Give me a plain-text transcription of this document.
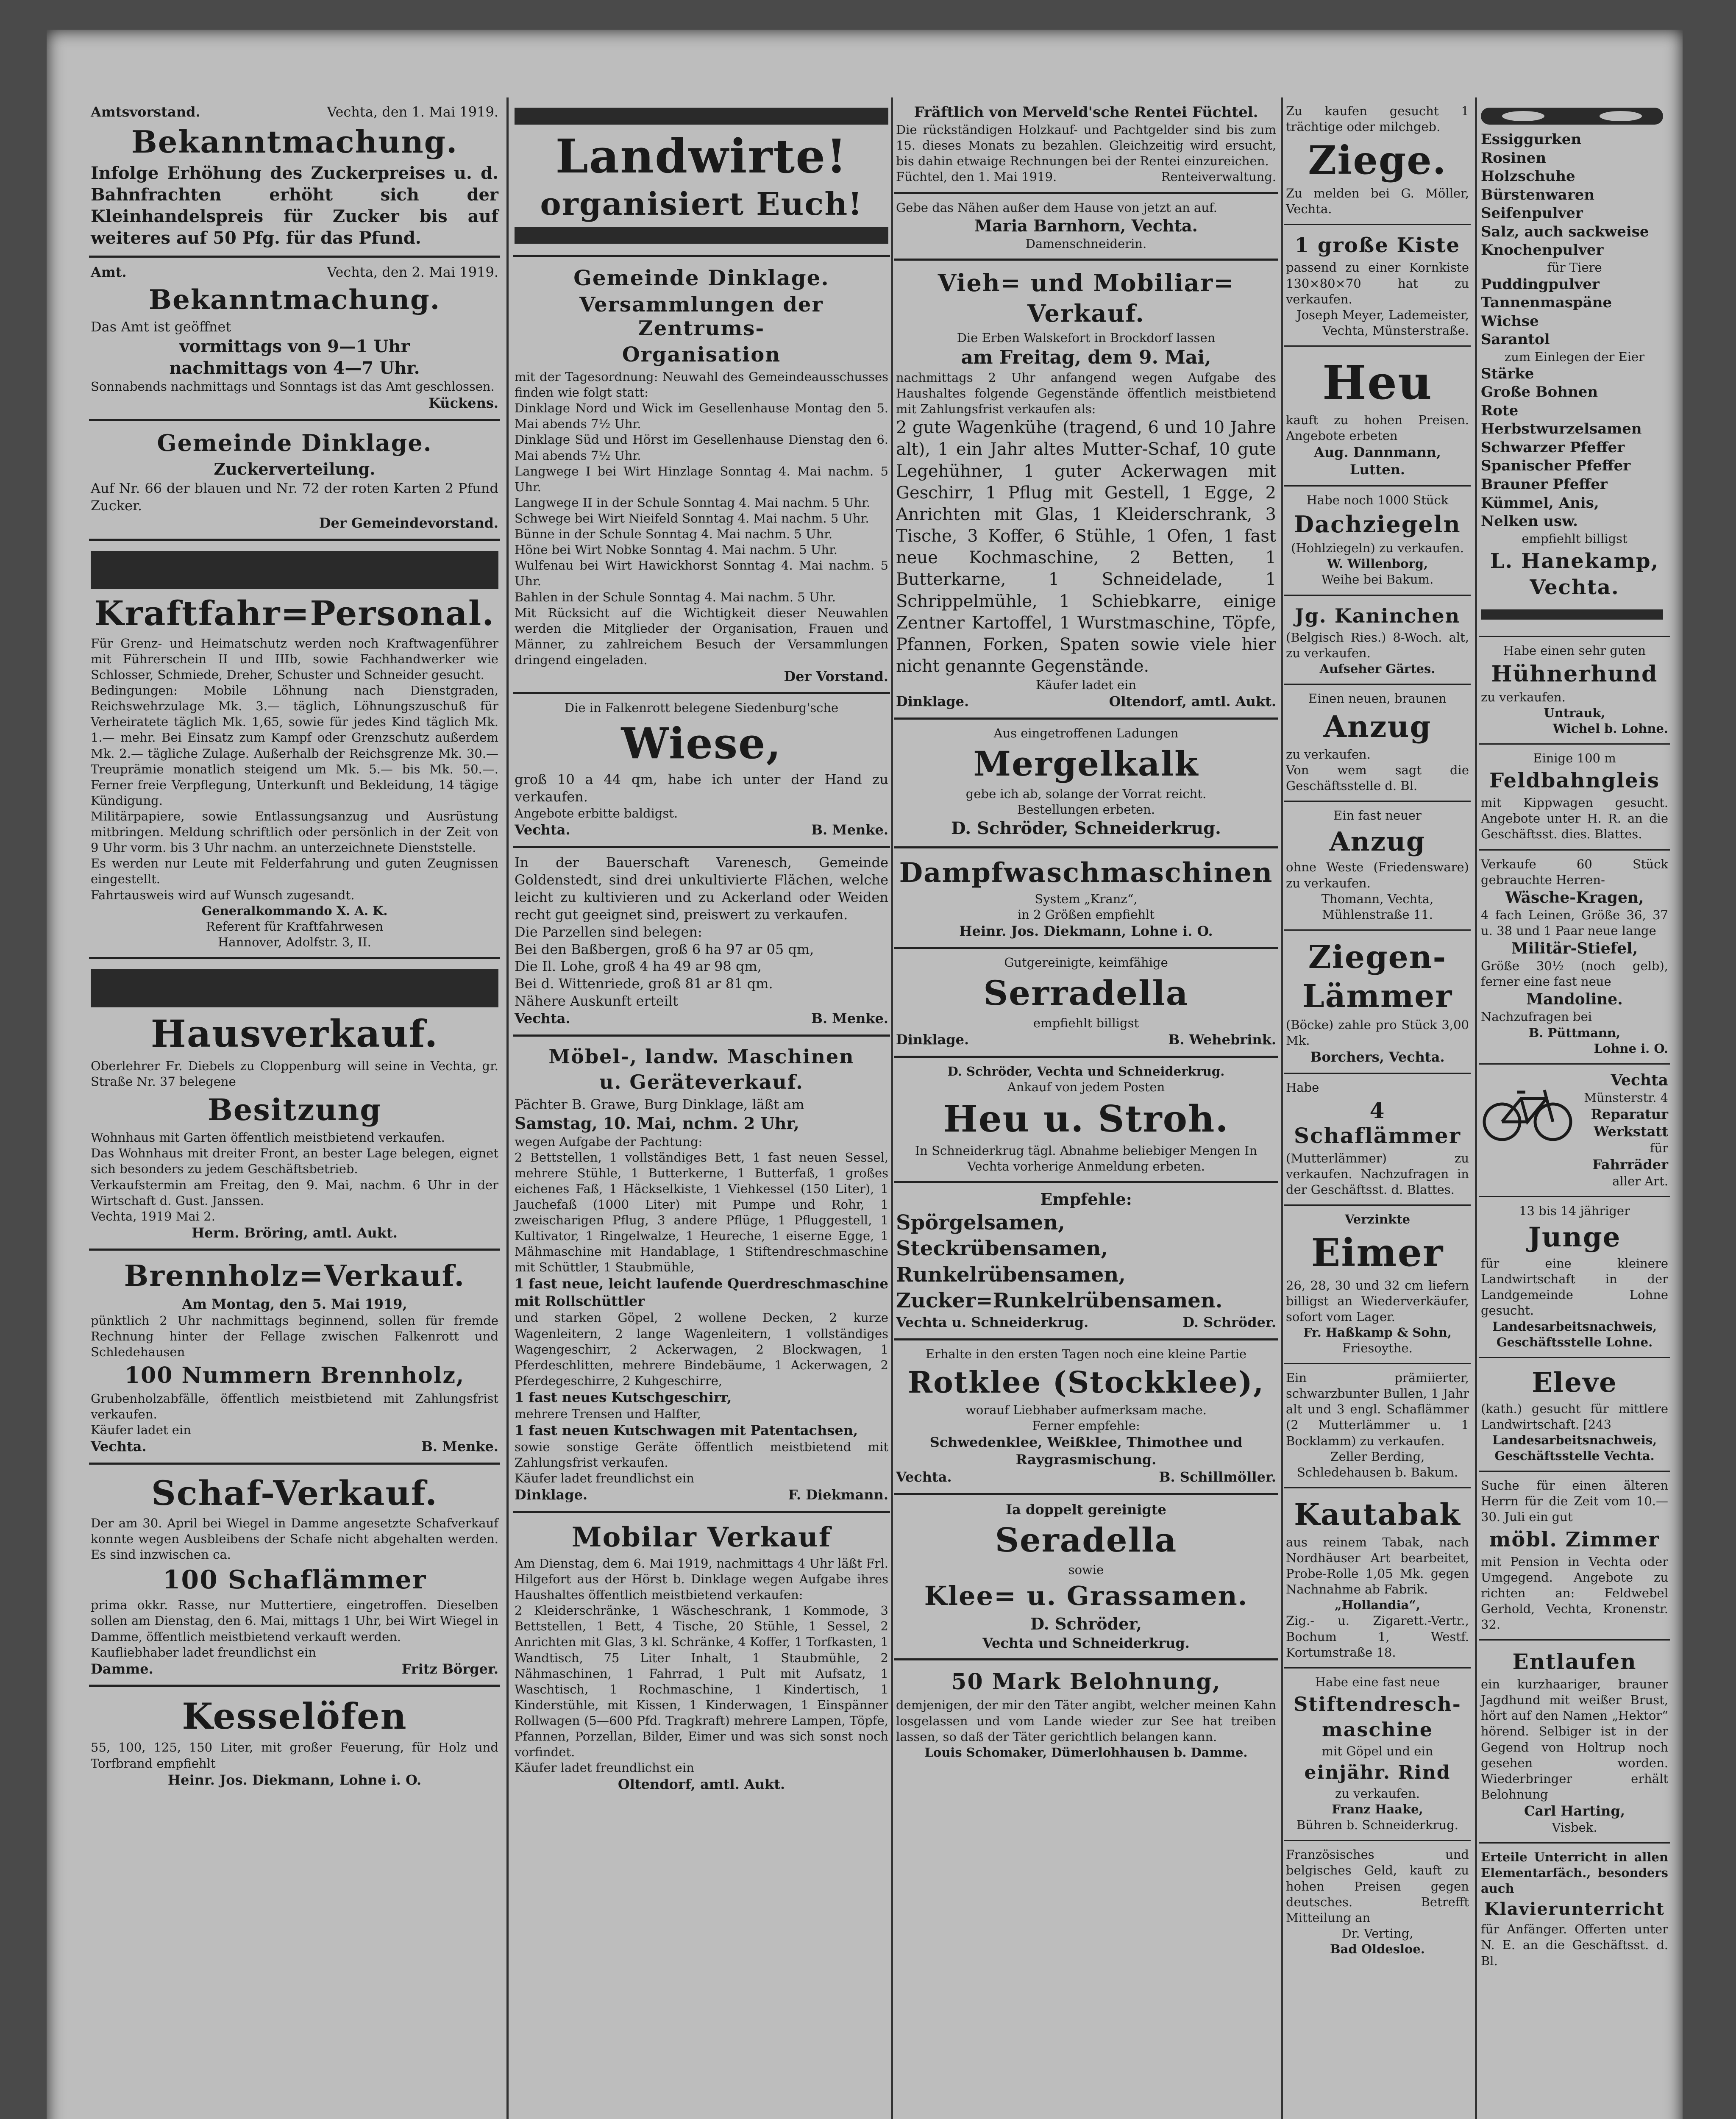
Amtsvorstand.	Vechta, den 1. Mai 1919.
Bekanntmachung.

Infolge Erhöhung des Zuckerpreises u. d. Bahnfrachten erhöht sich der Kleinhandelspreis für Zucker bis auf weiteres auf 50 Pfg. für das Pfund.

Amt.	Vechta, den 2. Mai 1919.
Bekanntmachung.

Das Amt ist geöffnet

vormittags von 9—1 Uhr

nachmittags von 4—7 Uhr.

Sonnabends nachmittags und Sonntags ist das Amt geschlossen.

Kückens.

Gemeinde Dinklage.

Zuckerverteilung.

Auf Nr. 66 der blauen und Nr. 72 der roten Karten 2 Pfund Zucker.

Der Gemeindevorstand.

Kraftfahr=Personal.

Für Grenz- und Heimatschutz werden noch Kraftwagenführer mit Führerschein II und IIIb, sowie Fachhandwerker wie Schlosser, Schmiede, Dreher, Schuster und Schneider gesucht.

Bedingungen: Mobile Löhnung nach Dienstgraden, Reichswehrzulage Mk. 3.— täglich, Löhnungszuschuß für Verheiratete täglich Mk. 1,65, sowie für jedes Kind täglich Mk. 1.— mehr. Bei Einsatz zum Kampf oder Grenzschutz außerdem Mk. 2.— tägliche Zulage. Außerhalb der Reichsgrenze Mk. 30.— Treuprämie monatlich steigend um Mk. 5.— bis Mk. 50.—. Ferner freie Verpflegung, Unterkunft und Bekleidung, 14 tägige Kündigung.

Militärpapiere, sowie Entlassungsanzug und Ausrüstung mitbringen. Meldung schriftlich oder persönlich in der Zeit von 9 Uhr vorm. bis 3 Uhr nachm. an unterzeichnete Dienststelle.

Es werden nur Leute mit Felderfahrung und guten Zeugnissen eingestellt.

Fahrtausweis wird auf Wunsch zugesandt.

Generalkommando X. A. K.

Referent für Kraftfahrwesen

Hannover, Adolfstr. 3, II.

Hausverkauf.

Oberlehrer Fr. Diebels zu Cloppenburg will seine in Vechta, gr. Straße Nr. 37 belegene

Besitzung

Wohnhaus mit Garten öffentlich meistbietend verkaufen.

Das Wohnhaus mit dreiter Front, an bester Lage belegen, eignet sich besonders zu jedem Geschäftsbetrieb.

Verkaufstermin am Freitag, den 9. Mai, nachm. 6 Uhr in der Wirtschaft d. Gust. Janssen.

Vechta, 1919 Mai 2.

Herm. Bröring, amtl. Aukt.

Brennholz=Verkauf.

Am Montag, den 5. Mai 1919,

pünktlich 2 Uhr nachmittags beginnend, sollen für fremde Rechnung hinter der Fellage zwischen Falkenrott und Schledehausen

100 Nummern Brennholz,

Grubenholzabfälle, öffentlich meistbietend mit Zahlungsfrist verkaufen.

Käufer ladet ein

Vechta.	B. Menke.
Schaf-Verkauf.

Der am 30. April bei Wiegel in Damme angesetzte Schafverkauf konnte wegen Ausbleibens der Schafe nicht abgehalten werden. Es sind inzwischen ca.

100 Schaflämmer

prima okkr. Rasse, nur Muttertiere, eingetroffen. Dieselben sollen am Dienstag, den 6. Mai, mittags 1 Uhr, bei Wirt Wiegel in Damme, öffentlich meistbietend verkauft werden.

Kaufliebhaber ladet freundlichst ein

Damme.	Fritz Börger.
Kesselöfen

55, 100, 125, 150 Liter, mit großer Feuerung, für Holz und Torfbrand empfiehlt

Heinr. Jos. Diekmann, Lohne i. O.

Landwirte!
organisiert Euch!
Gemeinde Dinklage.
Versammlungen der Zentrums-
Organisation

mit der Tagesordnung: Neuwahl des Gemeindeausschusses finden wie folgt statt:

Dinklage Nord und Wick im Gesellenhause Montag den 5. Mai abends 7½ Uhr.

Dinklage Süd und Hörst im Gesellenhause Dienstag den 6. Mai abends 7½ Uhr.

Langwege I bei Wirt Hinzlage Sonntag 4. Mai nachm. 5 Uhr.

Langwege II in der Schule Sonntag 4. Mai nachm. 5 Uhr.

Schwege bei Wirt Nieifeld Sonntag 4. Mai nachm. 5 Uhr.

Bünne in der Schule Sonntag 4. Mai nachm. 5 Uhr.

Höne bei Wirt Nobke Sonntag 4. Mai nachm. 5 Uhr.

Wulfenau bei Wirt Hawickhorst Sonntag 4. Mai nachm. 5 Uhr.

Bahlen in der Schule Sonntag 4. Mai nachm. 5 Uhr.

Mit Rücksicht auf die Wichtigkeit dieser Neuwahlen werden die Mitglieder der Organisation, Frauen und Männer, zu zahlreichem Besuch der Versammlungen dringend eingeladen.

Der Vorstand.

Die in Falkenrott belegene Siedenburg'sche

Wiese,

groß 10 a 44 qm, habe ich unter der Hand zu verkaufen.

Angebote erbitte baldigst.

Vechta.	B. Menke.

In der Bauerschaft Varenesch, Gemeinde Goldenstedt, sind drei unkultivierte Flächen, welche leicht zu kultivieren und zu Ackerland oder Weiden recht gut geeignet sind, preiswert zu verkaufen.

Die Parzellen sind belegen:

Bei den Baßbergen, groß 6 ha 97 ar 05 qm,

Die Il. Lohe, groß 4 ha 49 ar 98 qm,

Bei d. Wittenriede, groß 81 ar 81 qm.

Nähere Auskunft erteilt

Vechta.	B. Menke.
Möbel-, landw. Maschinen
u. Geräteverkauf.

Pächter B. Grawe, Burg Dinklage, läßt am

Samstag, 10. Mai, nchm. 2 Uhr,

wegen Aufgabe der Pachtung:

2 Bettstellen, 1 vollständiges Bett, 1 fast neuen Sessel, mehrere Stühle, 1 Butterkerne, 1 Butterfaß, 1 großes eichenes Faß, 1 Häckselkiste, 1 Viehkessel (150 Liter), 1 Jauchefaß (1000 Liter) mit Pumpe und Rohr, 1 zweischarigen Pflug, 3 andere Pflüge, 1 Pfluggestell, 1 Kultivator, 1 Ringelwalze, 1 Heureche, 1 eiserne Egge, 1 Mähmaschine mit Handablage, 1 Stiftendreschmaschine mit Schüttler, 1 Staubmühle,

1 fast neue, leicht laufende Querdreschmaschine mit Rollschüttler

und starken Göpel, 2 wollene Decken, 2 kurze Wagenleitern, 2 lange Wagenleitern, 1 vollständiges Wagengeschirr, 2 Ackerwagen, 2 Blockwagen, 1 Pferdeschlitten, mehrere Bindebäume, 1 Ackerwagen, 2 Pferdegeschirre, 2 Kuhgeschirre,

1 fast neues Kutschgeschirr,

mehrere Trensen und Halfter,

1 fast neuen Kutschwagen mit Patentachsen,

sowie sonstige Geräte öffentlich meistbietend mit Zahlungsfrist verkaufen.

Käufer ladet freundlichst ein

Dinklage.	F. Diekmann.
Mobilar Verkauf

Am Dienstag, dem 6. Mai 1919, nachmittags 4 Uhr läßt Frl. Hilgefort aus der Hörst b. Dinklage wegen Aufgabe ihres Haushaltes öffentlich meistbietend verkaufen:

2 Kleiderschränke, 1 Wäscheschrank, 1 Kommode, 3 Bettstellen, 1 Bett, 4 Tische, 20 Stühle, 1 Sessel, 2 Anrichten mit Glas, 3 kl. Schränke, 4 Koffer, 1 Torfkasten, 1 Wandtisch, 75 Liter Inhalt, 1 Staubmühle, 2 Nähmaschinen, 1 Fahrrad, 1 Pult mit Aufsatz, 1 Waschtisch, 1 Rochmaschine, 1 Kindertisch, 1 Kinderstühle, mit Kissen, 1 Kinderwagen, 1 Einspänner Rollwagen (5—600 Pfd. Tragkraft) mehrere Lampen, Töpfe, Pfannen, Porzellan, Bilder, Eimer und was sich sonst noch vorfindet.

Käufer ladet freundlichst ein

Oltendorf, amtl. Aukt.

Fräftlich von Merveld'sche Rentei Füchtel.

Die rückständigen Holzkauf- und Pachtgelder sind bis zum 15. dieses Monats zu bezahlen. Gleichzeitig wird ersucht, bis dahin etwaige Rechnungen bei der Rentei einzureichen.

Füchtel, den 1. Mai 1919.	Renteiverwaltung.

Gebe das Nähen außer dem Hause von jetzt an auf.

Maria Barnhorn, Vechta.

Damenschneiderin.

Vieh= und Mobiliar=
Verkauf.

Die Erben Walskefort in Brockdorf lassen

am Freitag, dem 9. Mai,

nachmittags 2 Uhr anfangend wegen Aufgabe des Haushaltes folgende Gegenstände öffentlich meistbietend mit Zahlungsfrist verkaufen als:

2 gute Wagenkühe (tragend, 6 und 10 Jahre alt), 1 ein Jahr altes Mutter-Schaf, 10 gute Legehühner, 1 guter Ackerwagen mit Geschirr, 1 Pflug mit Gestell, 1 Egge, 2 Anrichten mit Glas, 1 Kleiderschrank, 3 Tische, 3 Koffer, 6 Stühle, 1 Ofen, 1 fast neue Kochmaschine, 2 Betten, 1 Butterkarne, 1 Schneidelade, 1 Schrippelmühle, 1 Schiebkarre, einige Zentner Kartoffel, 1 Wurstmaschine, Töpfe, Pfannen, Forken, Spaten sowie viele hier nicht genannte Gegenstände.

Käufer ladet ein

Dinklage.	Oltendorf, amtl. Aukt.

Aus eingetroffenen Ladungen

Mergelkalk

gebe ich ab, solange der Vorrat reicht.

Bestellungen erbeten.

D. Schröder, Schneiderkrug.

Dampfwaschmaschinen

System „Kranz“,

in 2 Größen empfiehlt

Heinr. Jos. Diekmann, Lohne i. O.

Gutgereinigte, keimfähige

Serradella

empfiehlt billigst

Dinklage.	B. Wehebrink.

D. Schröder, Vechta und Schneiderkrug.

Ankauf von jedem Posten

Heu u. Stroh.

In Schneiderkrug tägl. Abnahme beliebiger Mengen In Vechta vorherige Anmeldung erbeten.

Empfehle:

Spörgelsamen,

Steckrübensamen,

Runkelrübensamen,

Zucker=Runkelrübensamen.

Vechta u. Schneiderkrug.	D. Schröder.

Erhalte in den ersten Tagen noch eine kleine Partie

Rotklee (Stockklee),

worauf Liebhaber aufmerksam mache.

Ferner empfehle:

Schwedenklee, Weißklee, Thimothee und Raygrasmischung.

Vechta.	B. Schillmöller.

Ia doppelt gereinigte

Seradella

sowie

Klee= u. Grassamen.

D. Schröder,

Vechta und Schneiderkrug.

50 Mark Belohnung,

demjenigen, der mir den Täter angibt, welcher meinen Kahn losgelassen und vom Lande wieder zur See hat treiben lassen, so daß der Täter gerichtlich belangen kann.

Louis Schomaker, Dümerlohhausen b. Damme.

Zu kaufen gesucht 1 trächtige oder milchgeb.

Ziege.

Zu melden bei G. Möller, Vechta.

1 große Kiste

passend zu einer Kornkiste 130×80×70 hat zu verkaufen.

Joseph Meyer, Lademeister, Vechta, Münsterstraße.

Heu

kauft zu hohen Preisen. Angebote erbeten

Aug. Dannmann,

Lutten.

Habe noch 1000 Stück

Dachziegeln

(Hohlziegeln) zu verkaufen.

W. Willenborg,

Weihe bei Bakum.

Jg. Kaninchen

(Belgisch Ries.) 8-Woch. alt, zu verkaufen.

Aufseher Gärtes.

Einen neuen, braunen

Anzug

zu verkaufen.

Von wem sagt die Geschäftsstelle d. Bl.

Ein fast neuer

Anzug

ohne Weste (Friedensware) zu verkaufen.

Thomann, Vechta,

Mühlenstraße 11.

Ziegen-
Lämmer

(Böcke) zahle pro Stück 3,00 Mk.

Borchers, Vechta.

Habe

4 Schaflämmer

(Mutterlämmer) zu verkaufen. Nachzufragen in der Geschäftsst. d. Blattes.

Verzinkte

Eimer

26, 28, 30 und 32 cm liefern billigst an Wiederverkäufer, sofort vom Lager.

Fr. Haßkamp & Sohn,

Friesoythe.

Ein prämiierter, schwarzbunter Bullen, 1 Jahr alt und 3 engl. Schaflämmer (2 Mutterlämmer u. 1 Bocklamm) zu verkaufen.

Zeller Berding,

Schledehausen b. Bakum.

Kautabak

aus reinem Tabak, nach Nordhäuser Art bearbeitet, Probe-Rolle 1,05 Mk. gegen Nachnahme ab Fabrik.

„Hollandia“,

Zig.- u. Zigarett.-Vertr., Bochum 1, Westf. Kortumstraße 18.

Habe eine fast neue

Stiftendresch-
maschine

mit Göpel und ein

einjähr. Rind

zu verkaufen.

Franz Haake,

Bühren b. Schneiderkrug.

Französisches und belgisches Geld, kauft zu hohen Preisen gegen deutsches. Betrefft Mitteilung an

Dr. Verting,

Bad Oldesloe.

Essiggurken

Rosinen

Holzschuhe

Bürstenwaren

Seifenpulver

Salz, auch sackweise

Knochenpulver

für Tiere

Puddingpulver

Tannenmaspäne

Wichse

Sarantol

zum Einlegen der Eier

Stärke

Große Bohnen

Rote Herbstwurzelsamen

Schwarzer Pfeffer

Spanischer Pfeffer

Brauner Pfeffer

Kümmel, Anis,

Nelken usw.

empfiehlt billigst

L. Hanekamp,
Vechta.

Habe einen sehr guten

Hühnerhund

zu verkaufen.

Untrauk,

Wichel b. Lohne.

Einige 100 m

Feldbahngleis

mit Kippwagen gesucht. Angebote unter H. R. an die Geschäftsst. dies. Blattes.

Verkaufe 60 Stück gebrauchte Herren-

Wäsche-Kragen,

4 fach Leinen, Größe 36, 37 u. 38 und 1 Paar neue lange

Militär-Stiefel,

Größe 30½ (noch gelb), ferner eine fast neue

Mandoline.

Nachzufragen bei

B. Püttmann,

Lohne i. O.

Vechta

Münsterstr. 4

Reparatur

Werkstatt

für

Fahrräder

aller Art.

13 bis 14 jähriger

Junge

für eine kleinere Landwirtschaft in der Landgemeinde Lohne gesucht.

Landesarbeitsnachweis,

Geschäftsstelle Lohne.

Eleve

(kath.) gesucht für mittlere Landwirtschaft. [243

Landesarbeitsnachweis,

Geschäftsstelle Vechta.

Suche für einen älteren Herrn für die Zeit vom 10.—30. Juli ein gut

möbl. Zimmer

mit Pension in Vechta oder Umgegend. Angebote zu richten an: Feldwebel Gerhold, Vechta, Kronenstr. 32.

Entlaufen

ein kurzhaariger, brauner Jagdhund mit weißer Brust, hört auf den Namen „Hektor“ hörend. Selbiger ist in der Gegend von Holtrup noch gesehen worden. Wiederbringer erhält Belohnung

Carl Harting,

Visbek.

Erteile Unterricht in allen Elementarfäch., besonders auch

Klavierunterricht

für Anfänger. Offerten unter N. E. an die Geschäftsst. d. Bl.
